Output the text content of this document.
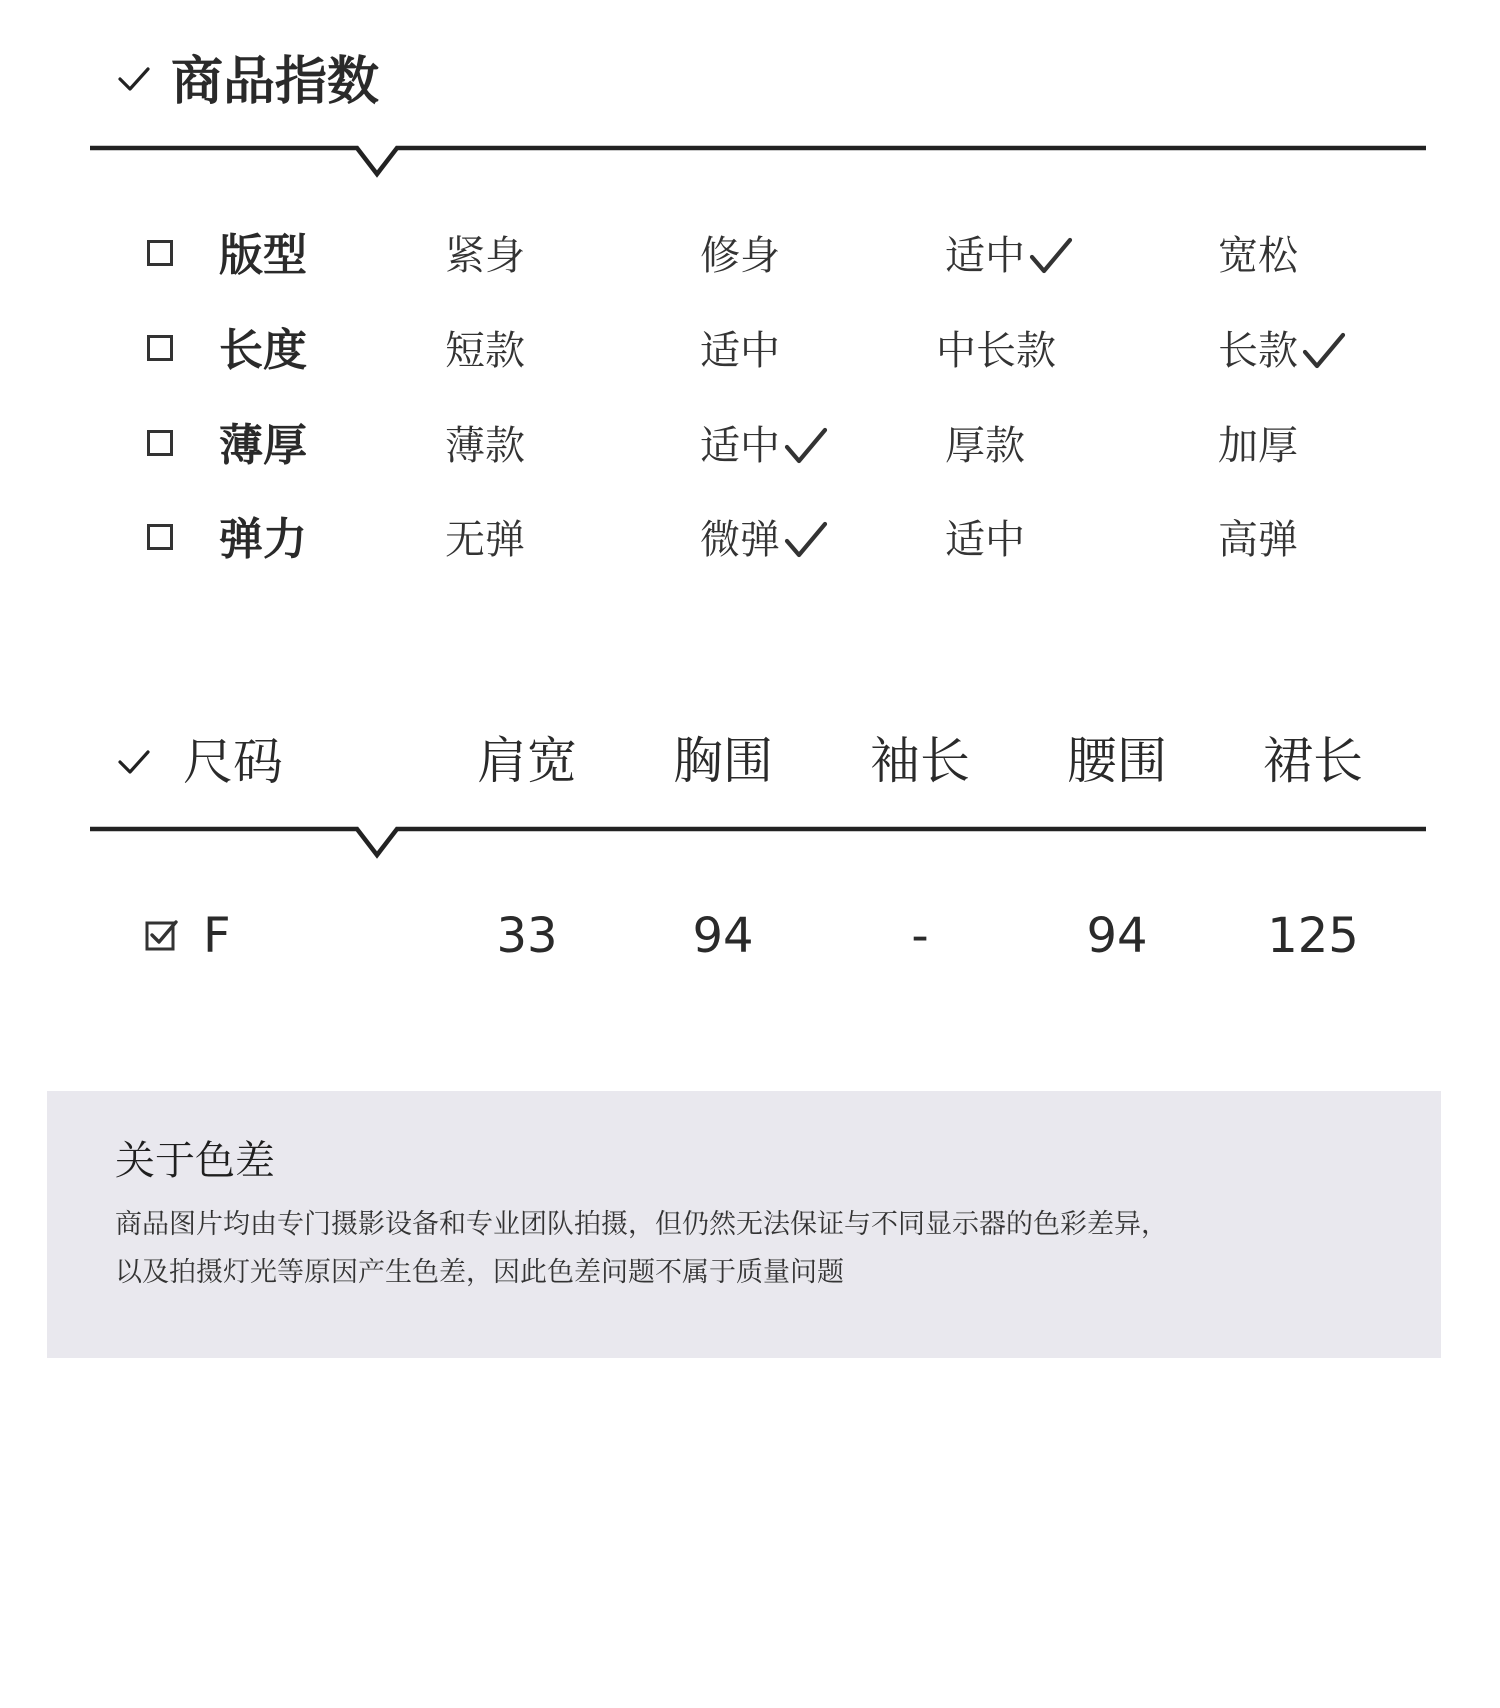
商品指数
版型	紧身	修身	适中	宽松
长度	短款	适中	中长款	长款
薄厚	薄款	适中	厚款	加厚
弹力	无弹	微弹	适中	高弹
尺码	肩宽	胸围	袖长	腰围	裙长
F	33	94	-	94	125
关于色差
商品图片均由专门摄影设备和专业团队拍摄，但仍然无法保证与不同显示器的色彩差异，
以及拍摄灯光等原因产生色差，因此色差问题不属于质量问题
